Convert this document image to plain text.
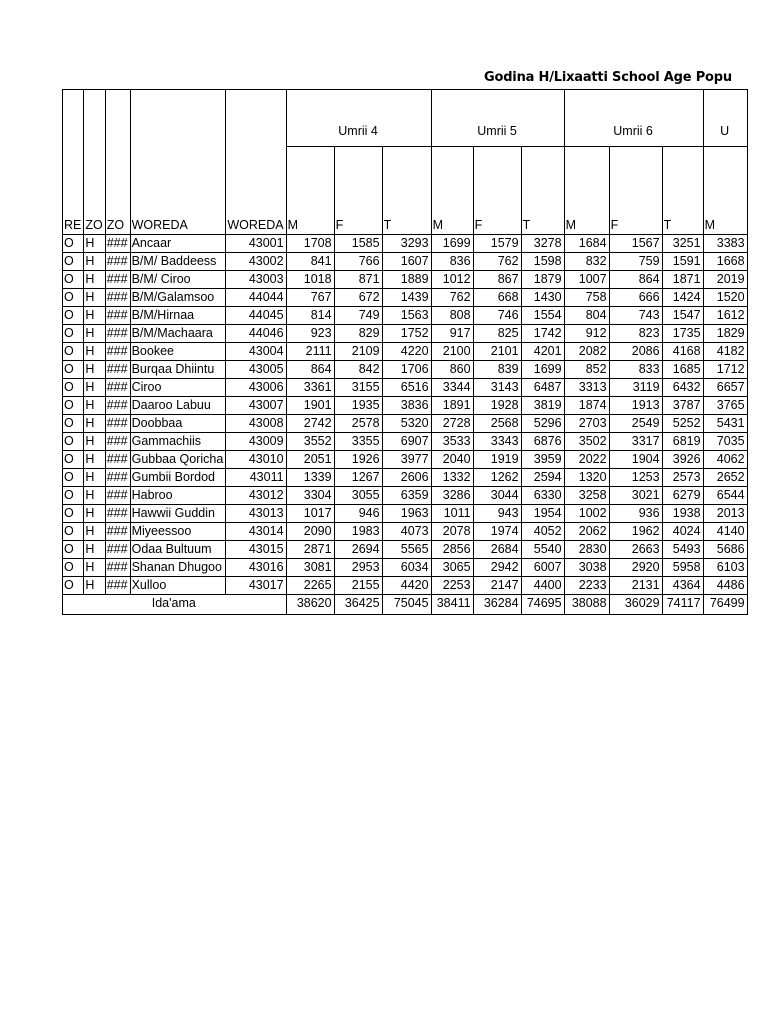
Godina H/Lixaatti School Age Popu
					Umrii 4			Umrii 5			Umrii 6			U

RE	ZO	ZO	WOREDA	WOREDA	M	F	T	M	F	T	M	F	T	M
O	H	###	Ancaar	43001	1708	1585	3293	1699	1579	3278	1684	1567	3251	3383
O	H	###	B/M/ Baddeess	43002	841	766	1607	836	762	1598	832	759	1591	1668
O	H	###	B/M/ Ciroo	43003	1018	871	1889	1012	867	1879	1007	864	1871	2019
O	H	###	B/M/Galamsoo	44044	767	672	1439	762	668	1430	758	666	1424	1520
O	H	###	B/M/Hirnaa	44045	814	749	1563	808	746	1554	804	743	1547	1612
O	H	###	B/M/Machaara	44046	923	829	1752	917	825	1742	912	823	1735	1829
O	H	###	Bookee	43004	2111	2109	4220	2100	2101	4201	2082	2086	4168	4182
O	H	###	Burqaa Dhiintu	43005	864	842	1706	860	839	1699	852	833	1685	1712
O	H	###	Ciroo	43006	3361	3155	6516	3344	3143	6487	3313	3119	6432	6657
O	H	###	Daaroo Labuu	43007	1901	1935	3836	1891	1928	3819	1874	1913	3787	3765
O	H	###	Doobbaa	43008	2742	2578	5320	2728	2568	5296	2703	2549	5252	5431
O	H	###	Gammachiis	43009	3552	3355	6907	3533	3343	6876	3502	3317	6819	7035
O	H	###	Gubbaa Qoricha	43010	2051	1926	3977	2040	1919	3959	2022	1904	3926	4062
O	H	###	Gumbii Bordod	43011	1339	1267	2606	1332	1262	2594	1320	1253	2573	2652
O	H	###	Habroo	43012	3304	3055	6359	3286	3044	6330	3258	3021	6279	6544
O	H	###	Hawwii Guddin	43013	1017	946	1963	1011	943	1954	1002	936	1938	2013
O	H	###	Miyeessoo	43014	2090	1983	4073	2078	1974	4052	2062	1962	4024	4140
O	H	###	Odaa Bultuum	43015	2871	2694	5565	2856	2684	5540	2830	2663	5493	5686
O	H	###	Shanan Dhugoo	43016	3081	2953	6034	3065	2942	6007	3038	2920	5958	6103
O	H	###	Xulloo	43017	2265	2155	4420	2253	2147	4400	2233	2131	4364	4486
Ida'ama					38620	36425	75045	38411	36284	74695	38088	36029	74117	76499
